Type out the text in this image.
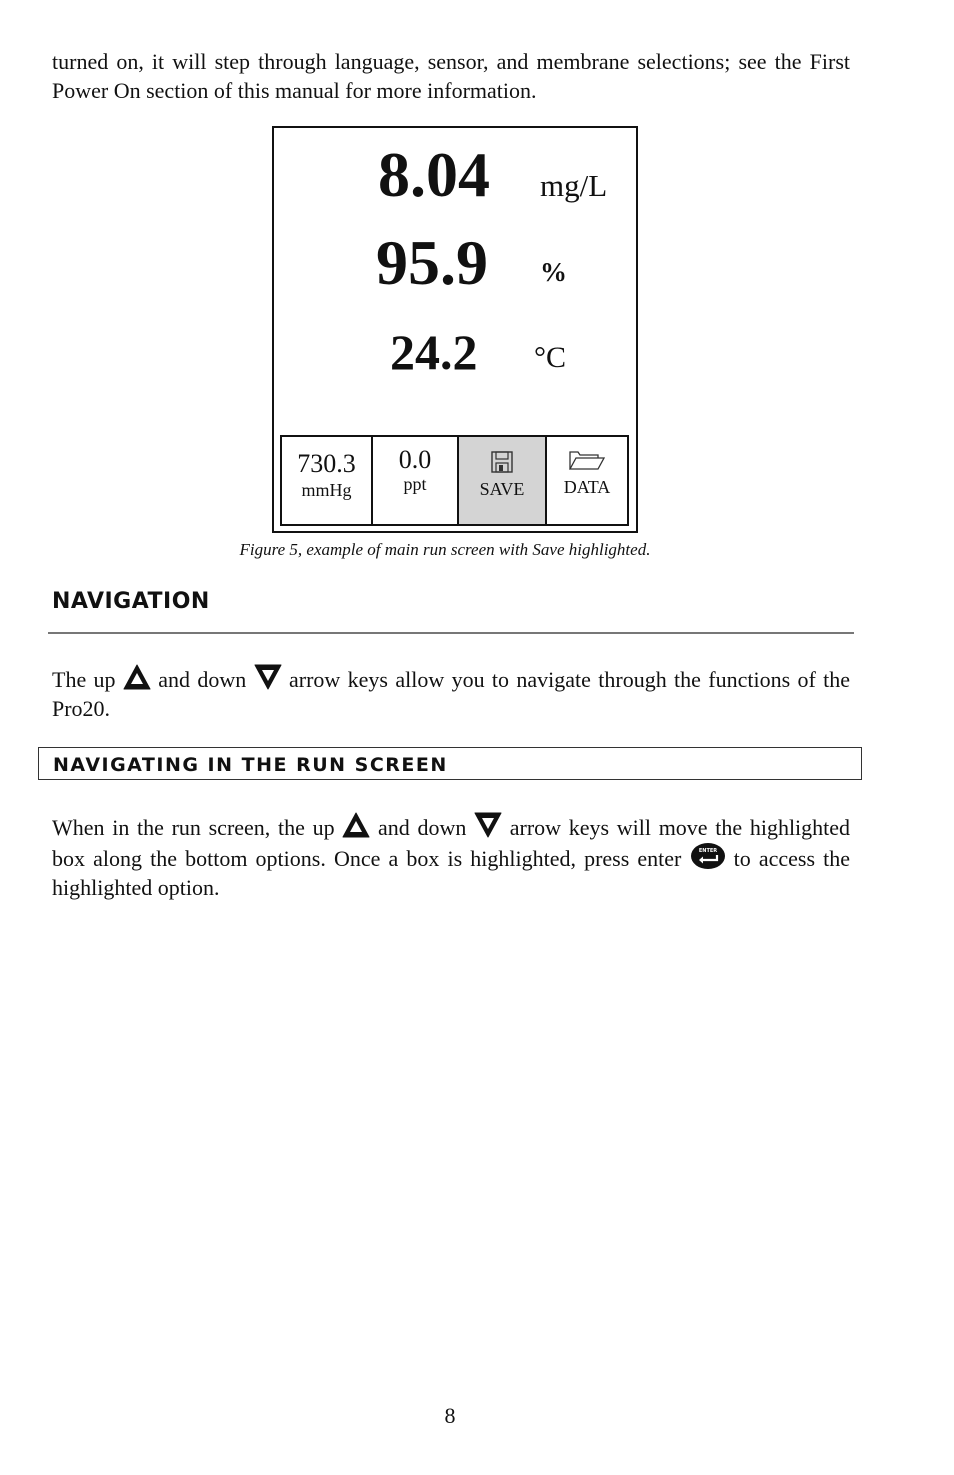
turned on, it will step through language, sensor, and membrane selections; see the First Power On section of this manual for more information.

8.04 mg/L
95.9 %
24.2 °C
730.3
mmHg
0.0
ppt	SAVE	DATA
Figure 5, example of main run screen with Save highlighted.
NAVIGATION

The up and down arrow keys allow you to navigate through the functions of the Pro20.

NAVIGATING IN THE RUN SCREEN

When in the run screen, the up and down arrow keys will move the highlighted box along the bottom options. Once a box is highlighted, press enter	ENTER to access the highlighted option.

8
